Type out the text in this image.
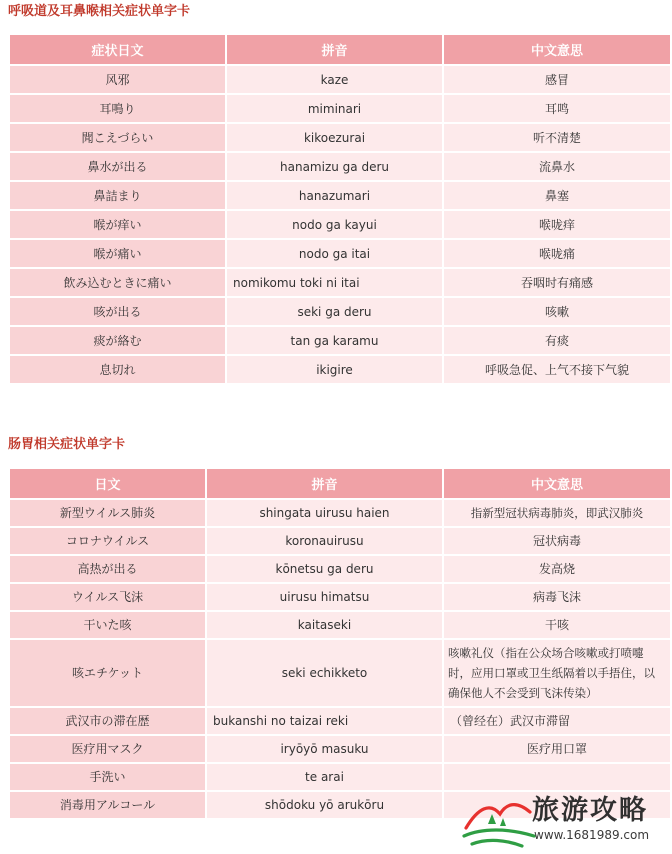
呼吸道及耳鼻喉相关症状单字卡
症状日文	拼音	中文意思
风邪	kaze	感冒
耳鳴り	miminari	耳鸣
聞こえづらい	kikoezurai	听不清楚
鼻水が出る	hanamizu ga deru	流鼻水
鼻詰まり	hanazumari	鼻塞
喉が痒い	nodo ga kayui	喉咙痒
喉が痛い	nodo ga itai	喉咙痛
飲み込むときに痛い	nomikomu toki ni itai	吞咽时有痛感
咳が出る	seki ga deru	咳嗽
痰が絡む	tan ga karamu	有痰
息切れ	ikigire	呼吸急促、上气不接下气貌
肠胃相关症状单字卡
日文	拼音	中文意思
新型ウイルス肺炎	shingata uirusu haien	指新型冠状病毒肺炎，即武汉肺炎
コロナウイルス	koronauirusu	冠状病毒
高热が出る	kōnetsu ga deru	发高烧
ウイルス飞沫	uirusu himatsu	病毒飞沫
干いた咳	kaitaseki	干咳
咳エチケット	seki echikketo	咳嗽礼仪（指在公众场合咳嗽或打喷嚏时，应用口罩或卫生纸隔着以手捂住，以确保他人不会受到飞沫传染）
武汉市の滞在歴	bukanshi no taizai reki	（曾经在）武汉市滞留
医疗用マスク	iryōyō masuku	医疗用口罩
手洗い	te arai	
消毒用アルコール	shōdoku yō arukōru		旅游攻略
www.1681989.com
